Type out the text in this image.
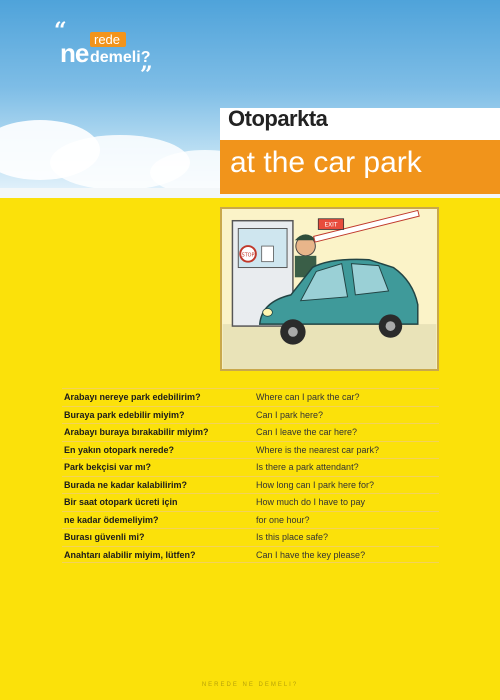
“
ne rede
demeli?
”
Otoparkta
at the car park
STOP
EXIT
Arabayı nereye park edebilirim?	Where can I park the car?
Buraya park edebilir miyim?	Can I park here?
Arabayı buraya bırakabilir miyim?	Can I leave the car here?
En yakın otopark nerede?	Where is the nearest car park?
Park bekçisi var mı?	Is there a park attendant?
Burada ne kadar kalabilirim?	How long can I park here for?
Bir saat otopark ücreti için	How much do I have to pay
ne kadar ödemeliyim?	for one hour?
Burası güvenli mi?	Is this place safe?
Anahtarı alabilir miyim, lütfen?	Can I have the key please?
NEREDE NE DEMELI?
